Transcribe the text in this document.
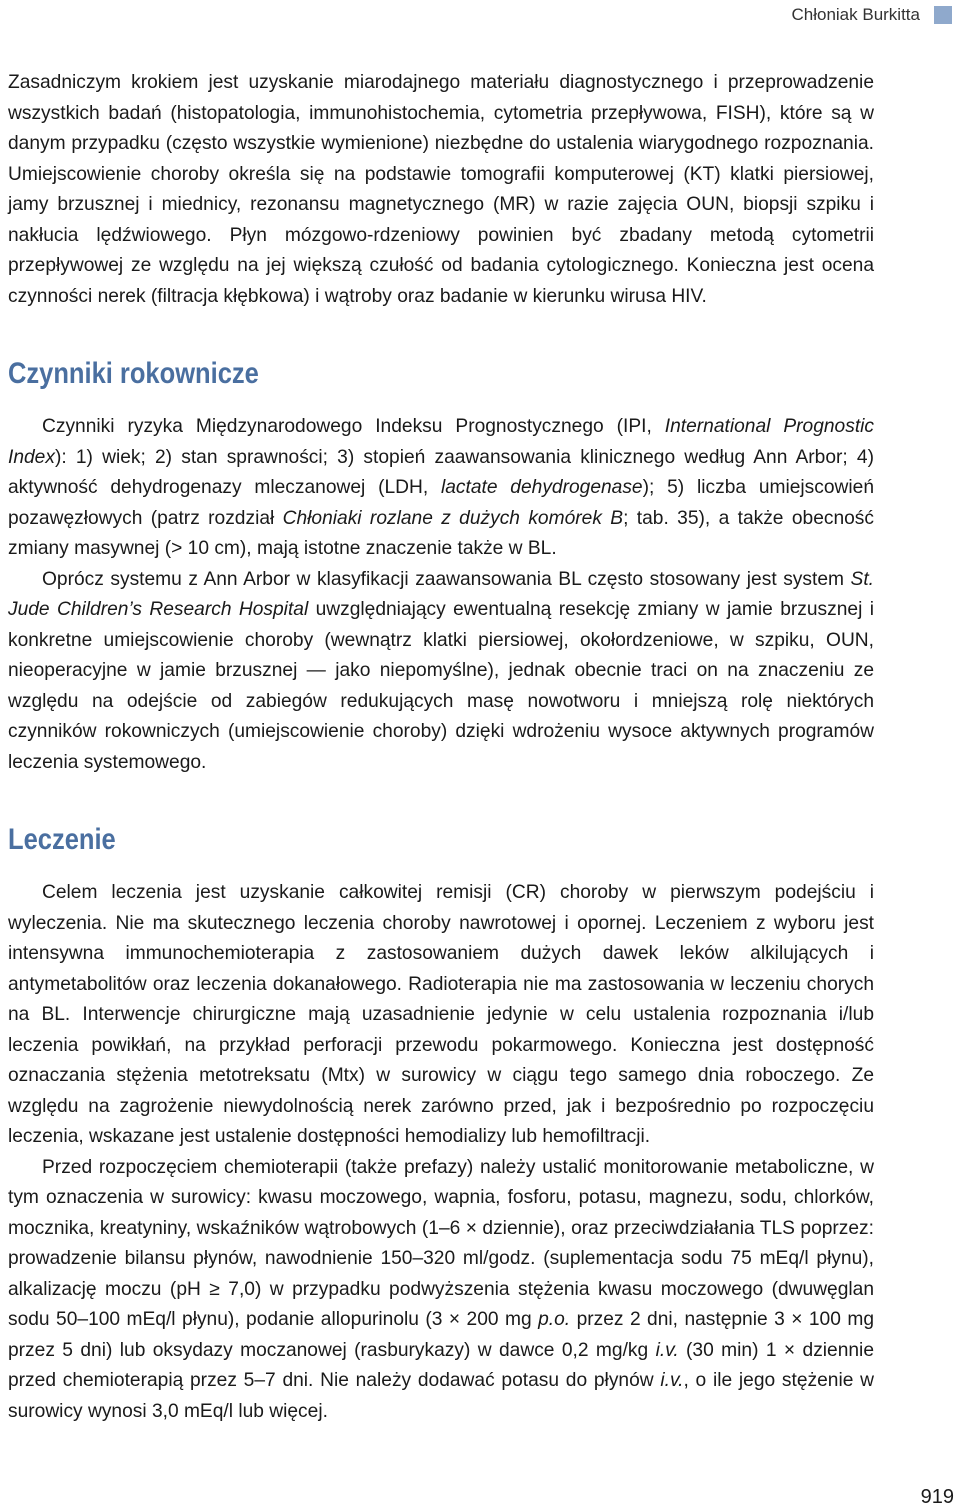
Chłoniak Burkitta

Zasadniczym krokiem jest uzyskanie miarodajnego materiału diagnostycznego i przeprowadzenie wszystkich badań (histopatologia, immunohistochemia, cytometria przepływowa, FISH), które są w danym przypadku (często wszystkie wymienione) niezbędne do ustalenia wiarygodnego rozpoznania. Umiejscowienie choroby określa się na podstawie tomografii komputerowej (KT) klatki piersiowej, jamy brzusznej i miednicy, rezonansu magnetycznego (MR) w razie zajęcia OUN, biopsji szpiku i nakłucia lędźwiowego. Płyn mózgowo-rdzeniowy powinien być zbadany metodą cytometrii przepływowej ze względu na jej większą czułość od badania cytologicznego. Konieczna jest ocena czynności nerek (filtracja kłębkowa) i wątroby oraz badanie w kierunku wirusa HIV.

Czynniki rokownicze

Czynniki ryzyka Międzynarodowego Indeksu Prognostycznego (IPI, International Prognostic Index): 1) wiek; 2) stan sprawności; 3) stopień zaawansowania klinicznego według Ann Arbor; 4) aktywność dehydrogenazy mleczanowej (LDH, lactate dehydrogenase); 5) liczba umiejscowień pozawęzłowych (patrz rozdział Chłoniaki rozlane z dużych komórek B; tab. 35), a także obecność zmiany masywnej (> 10 cm), mają istotne znaczenie także w BL.

Oprócz systemu z Ann Arbor w klasyfikacji zaawansowania BL często stosowany jest system St. Jude Children’s Research Hospital uwzględniający ewentualną resekcję zmiany w jamie brzusznej i konkretne umiejscowienie choroby (wewnątrz klatki piersiowej, okołordzeniowe, w szpiku, OUN, nieoperacyjne w jamie brzusznej — jako niepomyślne), jednak obecnie traci on na znaczeniu ze względu na odejście od zabiegów redukujących masę nowotworu i mniejszą rolę niektórych czynników rokowniczych (umiejscowienie choroby) dzięki wdrożeniu wysoce aktywnych programów leczenia systemowego.

Leczenie

Celem leczenia jest uzyskanie całkowitej remisji (CR) choroby w pierwszym podejściu i wyleczenia. Nie ma skutecznego leczenia choroby nawrotowej i opornej. Leczeniem z wyboru jest intensywna immunochemioterapia z zastosowaniem dużych dawek leków alkilujących i antymetabolitów oraz leczenia dokanałowego. Radioterapia nie ma zastosowania w leczeniu chorych na BL. Interwencje chirurgiczne mają uzasadnienie jedynie w celu ustalenia rozpoznania i/lub leczenia powikłań, na przykład perforacji przewodu pokarmowego. Konieczna jest dostępność oznaczania stężenia metotreksatu (Mtx) w surowicy w ciągu tego samego dnia roboczego. Ze względu na zagrożenie niewydolnością nerek zarówno przed, jak i bezpośrednio po rozpoczęciu leczenia, wskazane jest ustalenie dostępności hemodializy lub hemofiltracji.

Przed rozpoczęciem chemioterapii (także prefazy) należy ustalić monitorowanie metaboliczne, w tym oznaczenia w surowicy: kwasu moczowego, wapnia, fosforu, potasu, magnezu, sodu, chlorków, mocznika, kreatyniny, wskaźników wątrobowych (1–6 × dziennie), oraz przeciwdziałania TLS poprzez: prowadzenie bilansu płynów, nawodnienie 150–320 ml/godz. (suplementacja sodu 75 mEq/l płynu), alkalizację moczu (pH ≥ 7,0) w przypadku podwyższenia stężenia kwasu moczowego (dwuwęglan sodu 50–100 mEq/l płynu), podanie allopurinolu (3 × 200 mg p.o. przez 2 dni, następnie 3 × 100 mg przez 5 dni) lub oksydazy moczanowej (rasburykazy) w dawce 0,2 mg/kg i.v. (30 min) 1 × dziennie przed chemioterapią przez 5–7 dni. Nie należy dodawać potasu do płynów i.v., o ile jego stężenie w surowicy wynosi 3,0 mEq/l lub więcej.

919
